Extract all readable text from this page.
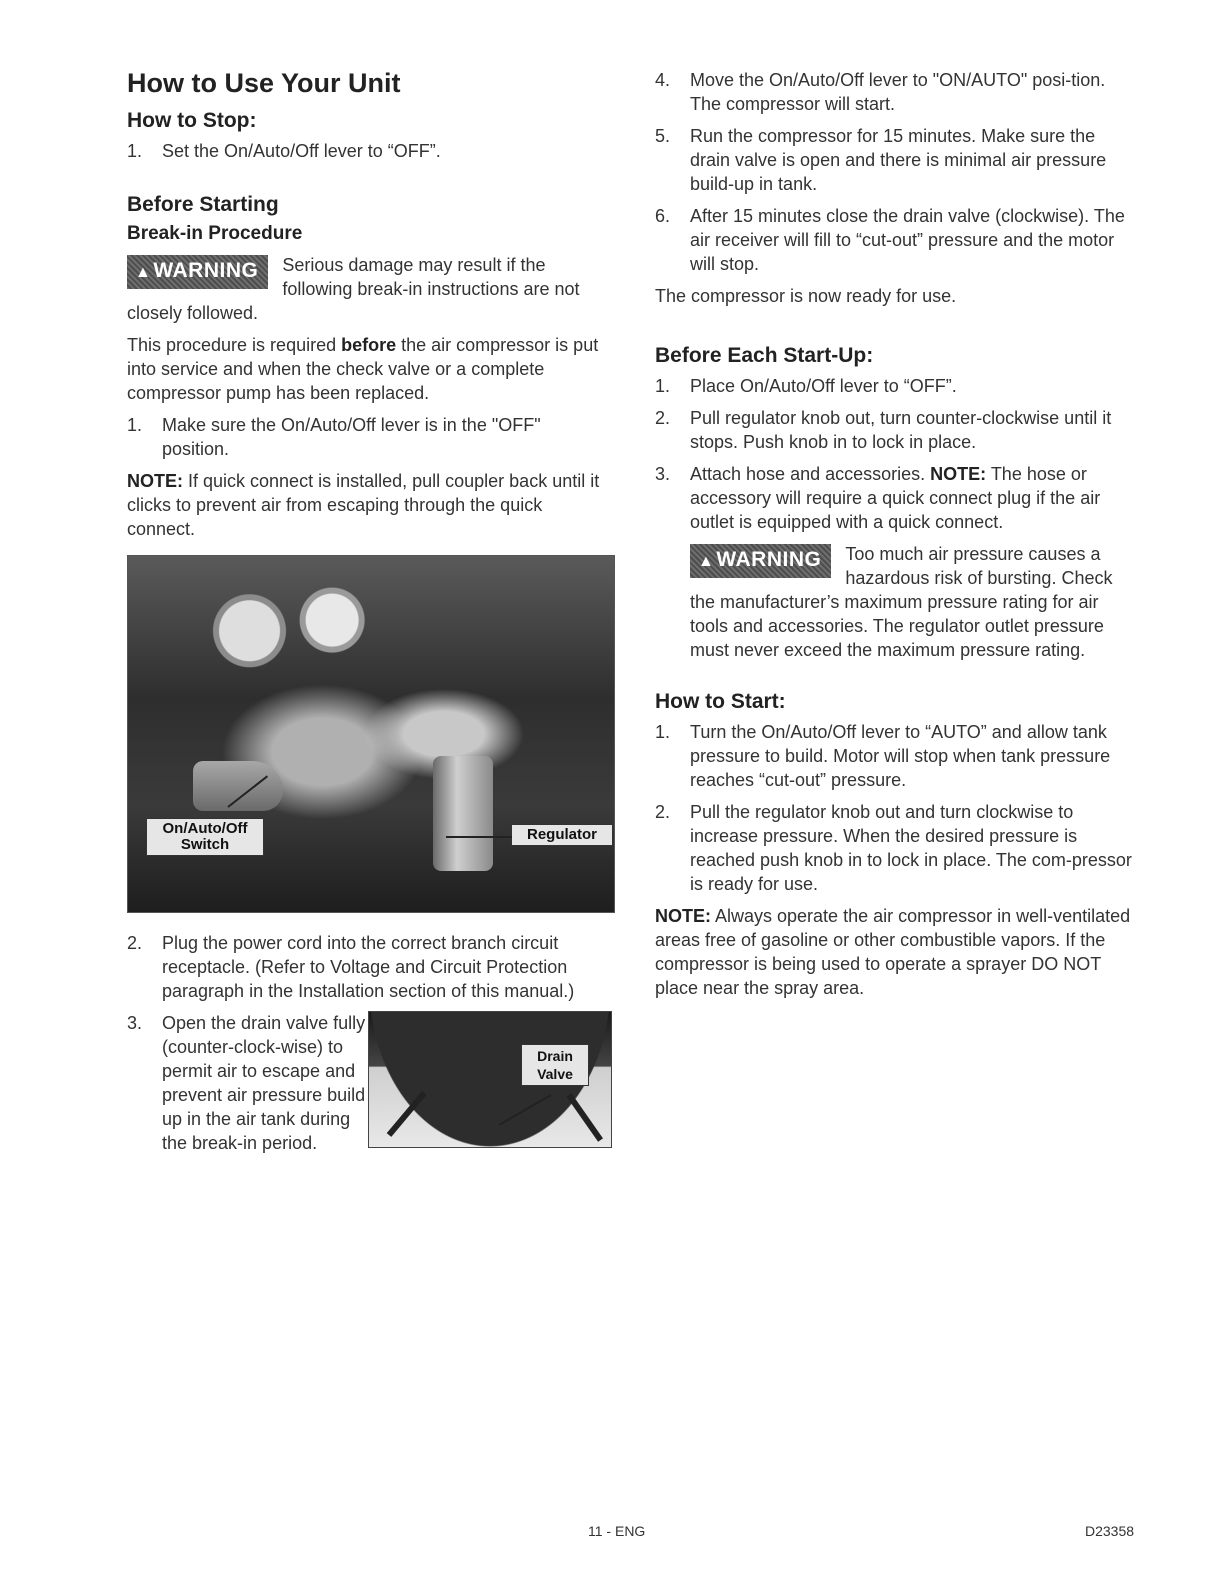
How to Use Your Unit
How to Stop:
1. Set the On/Auto/Off lever to “OFF”.
Before Starting
Break-in Procedure

▲WARNING	Serious damage may result if the following break-in instructions are not closely followed.

This procedure is required before the air compressor is put into service and when the check valve or a complete compressor pump has been replaced.

1. Make sure the On/Auto/Off lever is in the "OFF" position.

NOTE: If quick connect is installed, pull coupler back until it clicks to prevent air from escaping through the quick connect.

On/Auto/Off
Switch
Regulator
2. Plug the power cord into the correct branch circuit receptacle. (Refer to Voltage and Circuit Protection paragraph in the Installation section of this manual.)
Drain
Valve
3. Open the drain valve fully (counter-clock-wise) to permit air to escape and prevent air pressure build up in the air tank during the break-in period.
4. Move the On/Auto/Off lever to "ON/AUTO" posi-tion. The compressor will start.
5. Run the compressor for 15 minutes. Make sure the drain valve is open and there is minimal air pressure build-up in tank.
6. After 15 minutes close the drain valve (clockwise). The air receiver will fill to “cut-out” pressure and the motor will stop.

The compressor is now ready for use.

Before Each Start-Up:
1. Place On/Auto/Off lever to “OFF”.
2. Pull regulator knob out, turn counter-clockwise until it stops. Push knob in to lock in place.
3. Attach hose and accessories. NOTE: The hose or accessory will require a quick connect plug if the air outlet is equipped with a quick connect.

▲WARNING	Too much air pressure causes a hazardous risk of bursting. Check the manufacturer’s maximum pressure rating for air tools and accessories. The regulator outlet pressure must never exceed the maximum pressure rating.

How to Start:
1. Turn the On/Auto/Off lever to “AUTO” and allow tank pressure to build. Motor will stop when tank pressure reaches “cut-out” pressure.
2. Pull the regulator knob out and turn clockwise to increase pressure. When the desired pressure is reached push knob in to lock in place. The com-pressor is ready for use.

NOTE: Always operate the air compressor in well-ventilated areas free of gasoline or other combustible vapors. If the compressor is being used to operate a sprayer DO NOT place near the spray area.

11 - ENG	D23358
